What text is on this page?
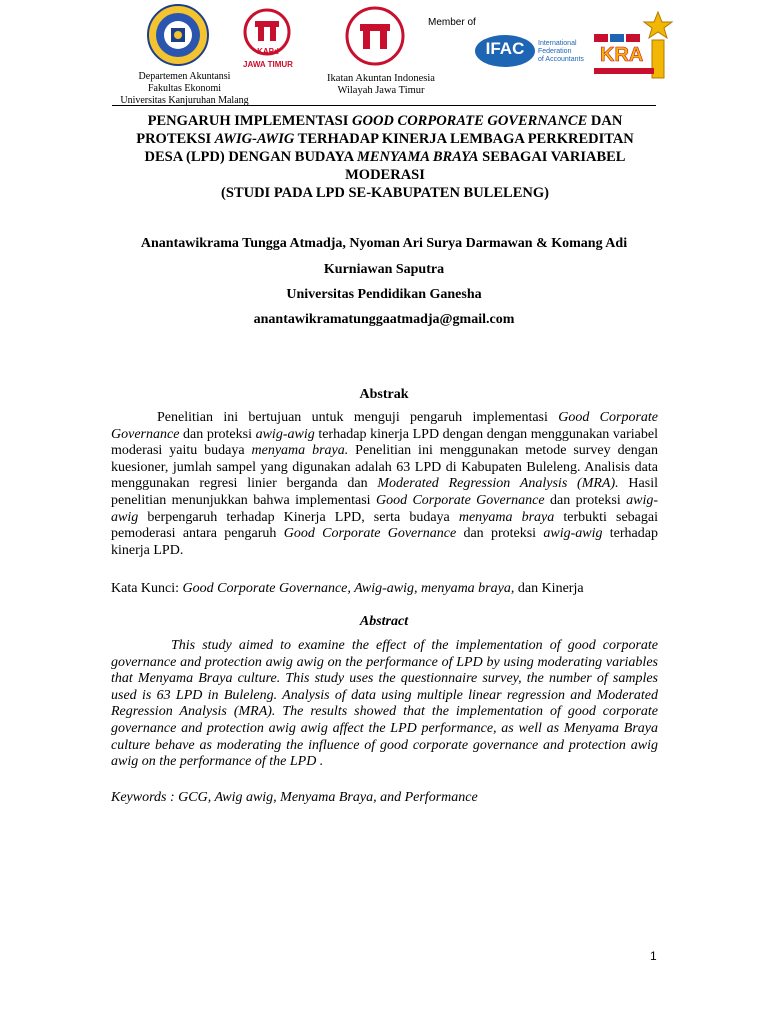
KAPd
JAWA TIMUR
Departemen Akuntansi
Fakultas Ekonomi
Universitas Kanjuruhan Malang
Ikatan Akuntan Indonesia
Wilayah Jawa Timur
Member of
IFAC	International
Federation
of Accountants KRA
PENGARUH IMPLEMENTASI GOOD CORPORATE GOVERNANCE DAN
PROTEKSI AWIG-AWIG TERHADAP KINERJA LEMBAGA PERKREDITAN
DESA (LPD) DENGAN BUDAYA MENYAMA BRAYA SEBAGAI VARIABEL
MODERASI
(STUDI PADA LPD SE-KABUPATEN BULELENG)
Anantawikrama Tungga Atmadja, Nyoman Ari Surya Darmawan & Komang Adi
Kurniawan Saputra
Universitas Pendidikan Ganesha
anantawikramatunggaatmadja@gmail.com
Abstrak
Penelitian ini bertujuan untuk menguji pengaruh implementasi Good Corporate Governance dan proteksi awig-awig terhadap kinerja LPD dengan dengan menggunakan variabel moderasi yaitu budaya menyama braya. Penelitian ini menggunakan metode survey dengan kuesioner, jumlah sampel yang digunakan adalah 63 LPD di Kabupaten Buleleng. Analisis data menggunakan regresi linier berganda dan Moderated Regression Analysis (MRA). Hasil penelitian menunjukkan bahwa implementasi Good Corporate Governance dan proteksi awig-awig berpengaruh terhadap Kinerja LPD, serta budaya menyama braya terbukti sebagai pemoderasi antara pengaruh Good Corporate Governance dan proteksi awig-awig terhadap kinerja LPD.
Kata Kunci: Good Corporate Governance, Awig-awig, menyama braya, dan Kinerja
Abstract
This study aimed to examine the effect of the implementation of good corporate governance and protection awig awig on the performance of LPD by using moderating variables that Menyama Braya culture. This study uses the questionnaire survey, the number of samples used is 63 LPD in Buleleng. Analysis of data using multiple linear regression and Moderated Regression Analysis (MRA). The results showed that the implementation of good corporate governance and protection awig awig affect the LPD performance, as well as Menyama Braya culture behave as moderating the influence of good corporate governance and protection awig awig on the performance of the LPD .
Keywords : GCG, Awig awig, Menyama Braya, and Performance
1
